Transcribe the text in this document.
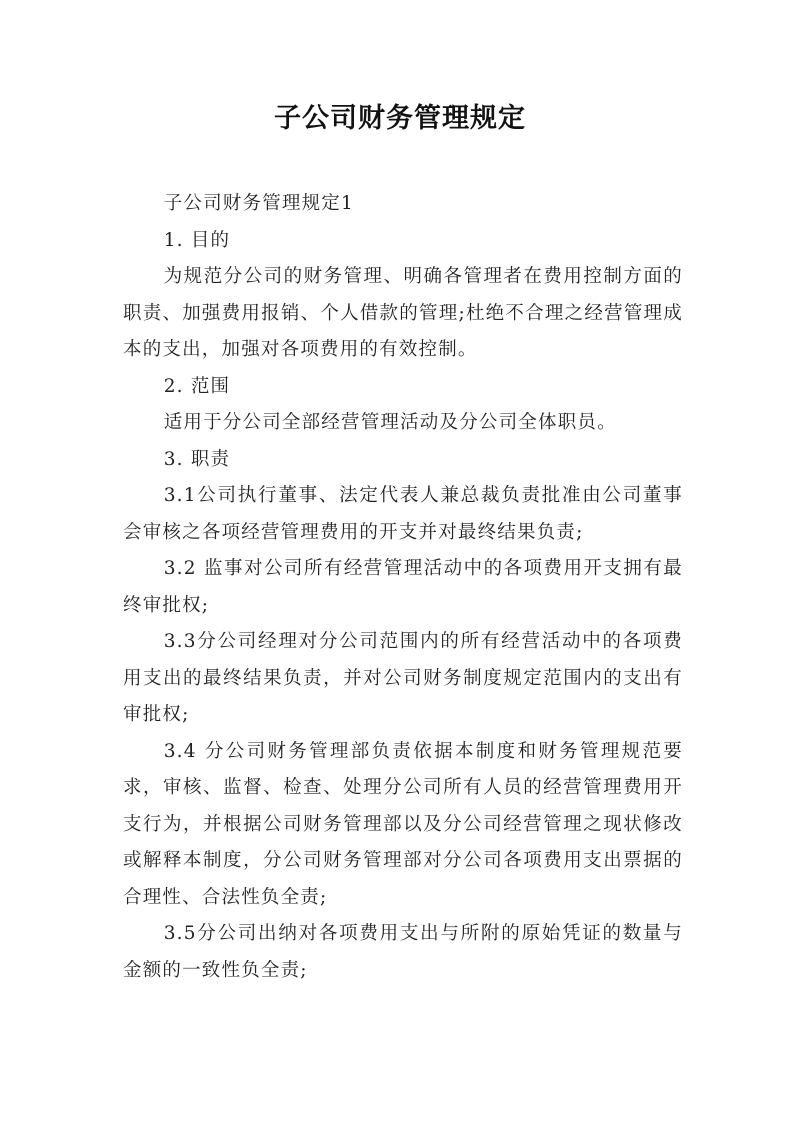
子公司财务管理规定

子公司财务管理规定1

1. 目的

为规范分公司的财务管理、明确各管理者在费用控制方面的职责、加强费用报销、个人借款的管理;杜绝不合理之经营管理成本的支出，加强对各项费用的有效控制。

2. 范围

适用于分公司全部经营管理活动及分公司全体职员。

3. 职责

3.1公司执行董事、法定代表人兼总裁负责批准由公司董事会审核之各项经营管理费用的开支并对最终结果负责;

3.2 监事对公司所有经营管理活动中的各项费用开支拥有最终审批权;

3.3分公司经理对分公司范围内的所有经营活动中的各项费用支出的最终结果负责，并对公司财务制度规定范围内的支出有审批权;

3.4 分公司财务管理部负责依据本制度和财务管理规范要求，审核、监督、检查、处理分公司所有人员的经营管理费用开支行为，并根据公司财务管理部以及分公司经营管理之现状修改或解释本制度，分公司财务管理部对分公司各项费用支出票据的合理性、合法性负全责;

3.5分公司出纳对各项费用支出与所附的原始凭证的数量与金额的一致性负全责;
